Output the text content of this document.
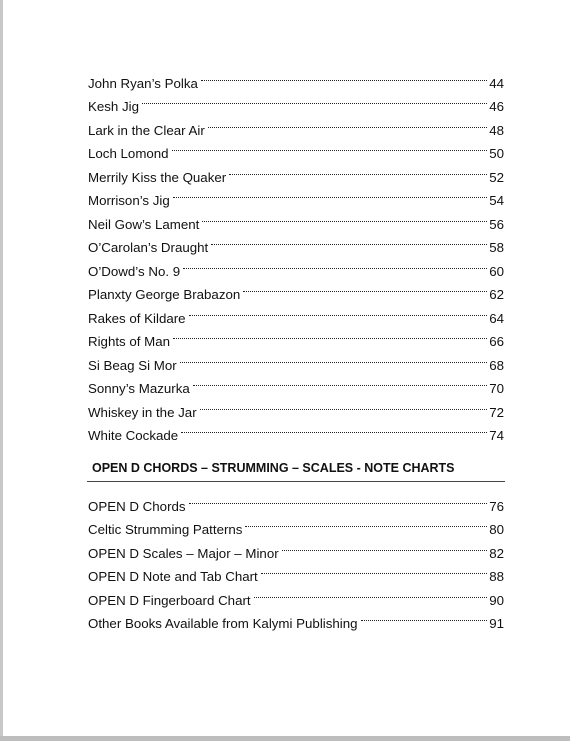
John Ryan’s Polka	44
Kesh Jig	46
Lark in the Clear Air	48
Loch Lomond	50
Merrily Kiss the Quaker	52
Morrison’s Jig	54
Neil Gow’s Lament	56
O’Carolan’s Draught	58
O’Dowd’s No. 9	60
Planxty George Brabazon	62
Rakes of Kildare	64
Rights of Man	66
Si Beag Si Mor	68
Sonny’s Mazurka	70
Whiskey in the Jar	72
White Cockade	74
OPEN D CHORDS – STRUMMING – SCALES - NOTE CHARTS
OPEN D Chords	76
Celtic Strumming Patterns	80
OPEN D Scales – Major – Minor	82
OPEN D Note and Tab Chart	88
OPEN D Fingerboard Chart	90
Other Books Available from Kalymi Publishing	91
